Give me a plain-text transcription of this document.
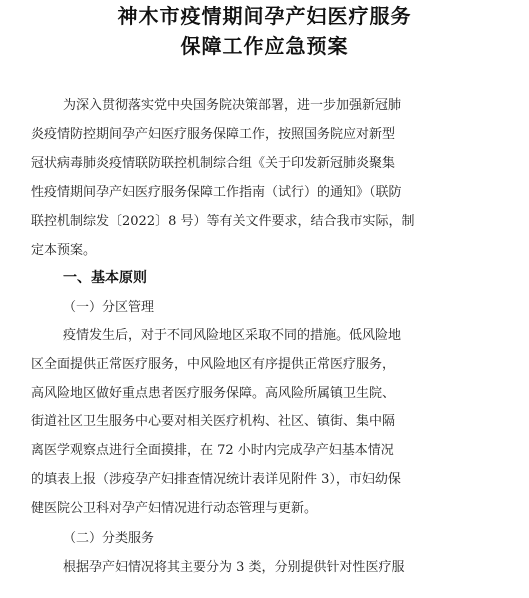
神木市疫情期间孕产妇医疗服务
保障工作应急预案
为深入贯彻落实党中央国务院决策部署，进一步加强新冠肺
炎疫情防控期间孕产妇医疗服务保障工作，按照国务院应对新型
冠状病毒肺炎疫情联防联控机制综合组《关于印发新冠肺炎聚集
性疫情期间孕产妇医疗服务保障工作指南（试行）的通知》（联防
联控机制综发〔2022〕8 号）等有关文件要求，结合我市实际，制
定本预案。
一、基本原则
（一）分区管理
疫情发生后，对于不同风险地区采取不同的措施。低风险地
区全面提供正常医疗服务，中风险地区有序提供正常医疗服务，
高风险地区做好重点患者医疗服务保障。高风险所属镇卫生院、
街道社区卫生服务中心要对相关医疗机构、社区、镇街、集中隔
离医学观察点进行全面摸排，在 72 小时内完成孕产妇基本情况
的填表上报（涉疫孕产妇排查情况统计表详见附件 3），市妇幼保
健医院公卫科对孕产妇情况进行动态管理与更新。
（二）分类服务
根据孕产妇情况将其主要分为 3 类，分别提供针对性医疗服
